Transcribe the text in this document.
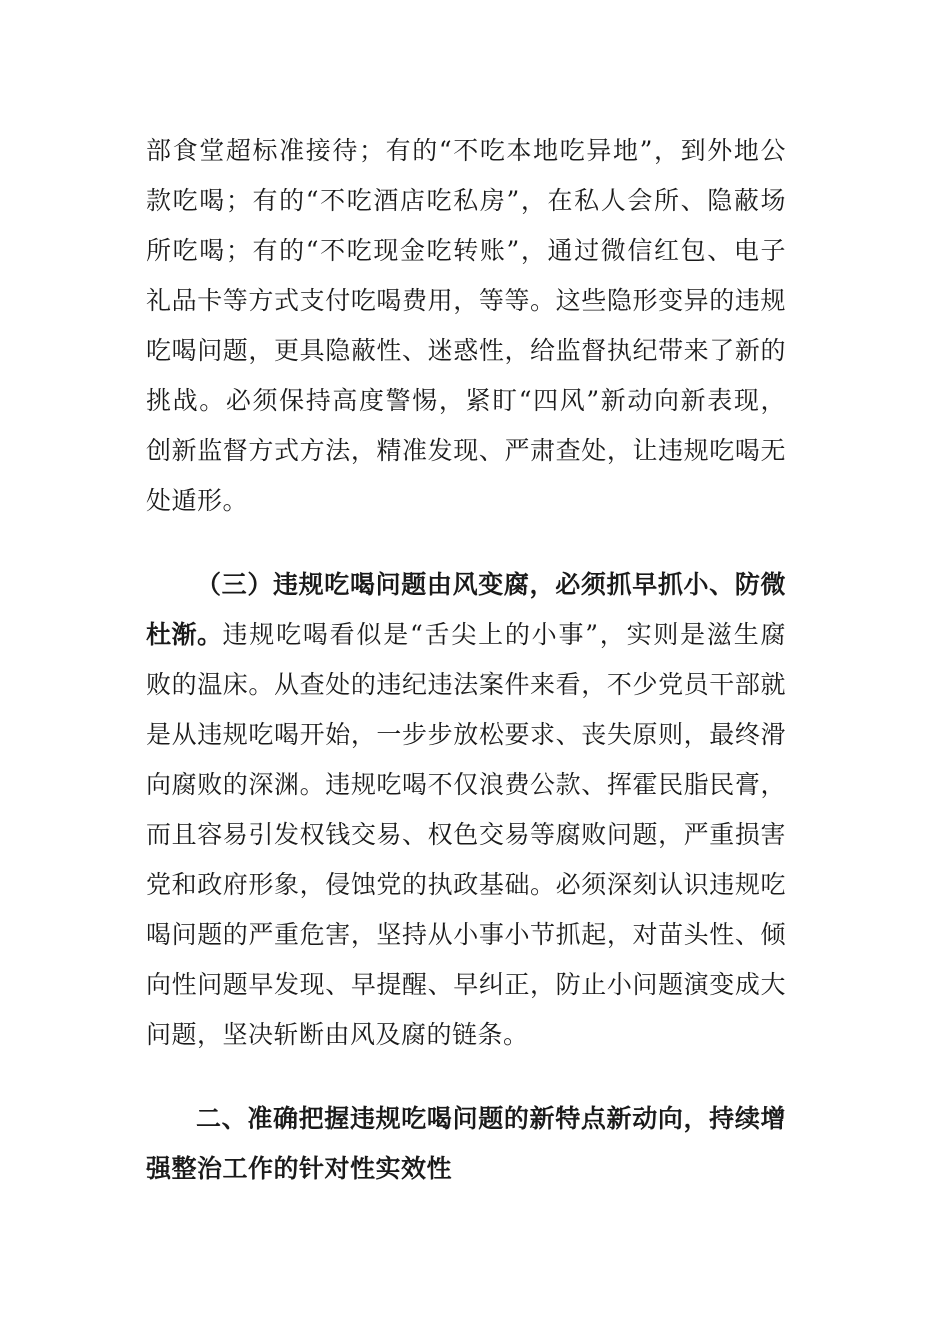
部食堂超标准接待；有的“不吃本地吃异地”，到外地公
款吃喝；有的“不吃酒店吃私房”，在私人会所、隐蔽场
所吃喝；有的“不吃现金吃转账”，通过微信红包、电子
礼品卡等方式支付吃喝费用，等等。这些隐形变异的违规
吃喝问题，更具隐蔽性、迷惑性，给监督执纪带来了新的
挑战。必须保持高度警惕，紧盯“四风”新动向新表现，
创新监督方式方法，精准发现、严肃查处，让违规吃喝无
处遁形。
（三）违规吃喝问题由风变腐，必须抓早抓小、防微
杜渐。 违规吃喝看似是“舌尖上的小事”，实则是滋生腐
败的温床。从查处的违纪违法案件来看，不少党员干部就
是从违规吃喝开始，一步步放松要求、丧失原则，最终滑
向腐败的深渊。违规吃喝不仅浪费公款、挥霍民脂民膏，
而且容易引发权钱交易、权色交易等腐败问题，严重损害
党和政府形象，侵蚀党的执政基础。必须深刻认识违规吃
喝问题的严重危害，坚持从小事小节抓起，对苗头性、倾
向性问题早发现、早提醒、早纠正，防止小问题演变成大
问题，坚决斩断由风及腐的链条。
二、准确把握违规吃喝问题的新特点新动向，持续增
强整治工作的针对性实效性
